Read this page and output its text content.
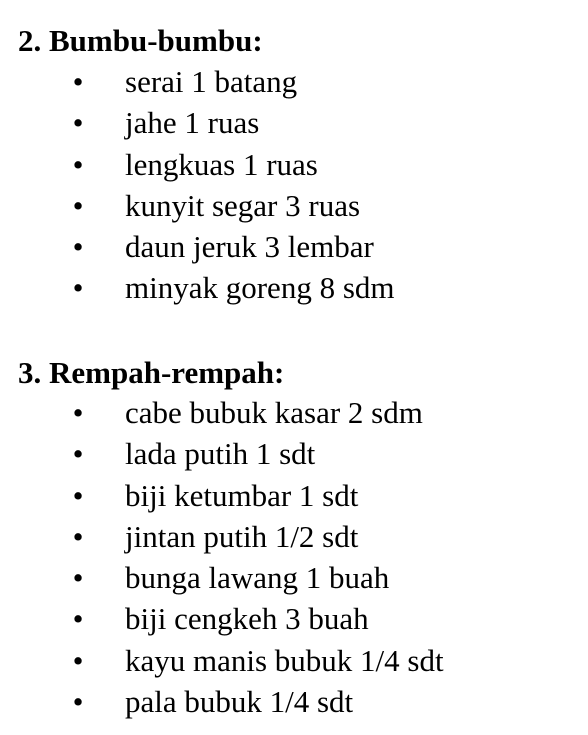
2. Bumbu-bumbu:
• serai 1 batang
• jahe 1 ruas
• lengkuas 1 ruas
• kunyit segar 3 ruas
• daun jeruk 3 lembar
• minyak goreng 8 sdm
3. Rempah-rempah:
• cabe bubuk kasar 2 sdm
• lada putih 1 sdt
• biji ketumbar 1 sdt
• jintan putih 1/2 sdt
• bunga lawang 1 buah
• biji cengkeh 3 buah
• kayu manis bubuk 1/4 sdt
• pala bubuk 1/4 sdt
